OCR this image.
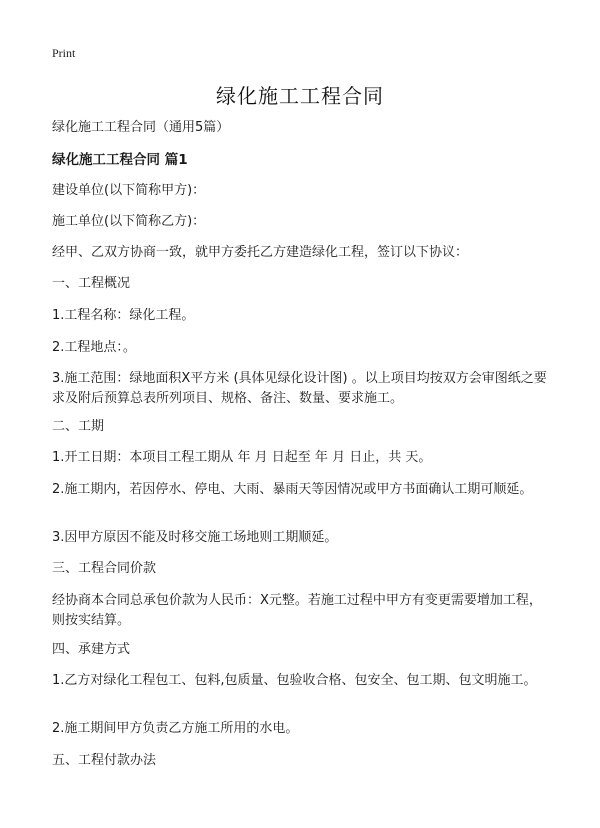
Print
绿化施工工程合同

绿化施工工程合同（通用5篇）

绿化施工工程合同 篇1

建设单位(以下简称甲方)：

施工单位(以下简称乙方)：

经甲、乙双方协商一致，就甲方委托乙方建造绿化工程，签订以下协议：

一、工程概况

1.工程名称：绿化工程。

2.工程地点：。

3.施工范围：绿地面积X平方米 (具体见绿化设计图) 。以上项目均按双方会审图纸之要求及附后预算总表所列项目、规格、备注、数量、要求施工。

二、工期

1.开工日期：本项目工程工期从 年 月 日起至 年 月 日止，共 天。

2.施工期内，若因停水、停电、大雨、暴雨天等因情况或甲方书面确认工期可顺延。

3.因甲方原因不能及时移交施工场地则工期顺延。

三、工程合同价款

经协商本合同总承包价款为人民币：X元整。若施工过程中甲方有变更需要增加工程，则按实结算。

四、承建方式

1.乙方对绿化工程包工、包料,包质量、包验收合格、包安全、包工期、包文明施工。

2.施工期间甲方负责乙方施工所用的水电。

五、工程付款办法
